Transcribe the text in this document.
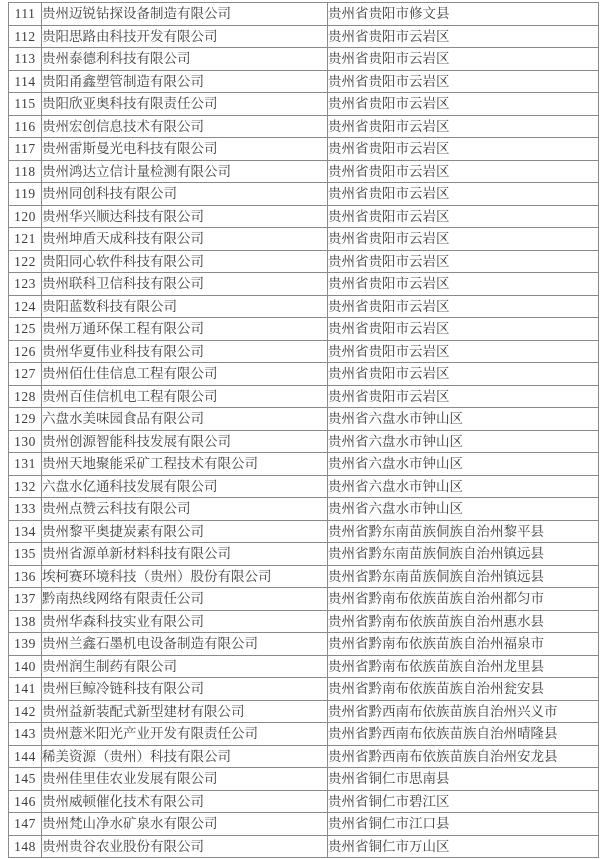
111	贵州迈锐钻探设备制造有限公司	贵州省贵阳市修文县
112	贵阳思路由科技开发有限公司	贵州省贵阳市云岩区
113	贵州泰德利科技有限公司	贵州省贵阳市云岩区
114	贵阳甬鑫塑管制造有限公司	贵州省贵阳市云岩区
115	贵阳欣亚奥科技有限责任公司	贵州省贵阳市云岩区
116	贵州宏创信息技术有限公司	贵州省贵阳市云岩区
117	贵州雷斯曼光电科技有限公司	贵州省贵阳市云岩区
118	贵州鸿达立信计量检测有限公司	贵州省贵阳市云岩区
119	贵州同创科技有限公司	贵州省贵阳市云岩区
120	贵州华兴顺达科技有限公司	贵州省贵阳市云岩区
121	贵州坤盾天成科技有限公司	贵州省贵阳市云岩区
122	贵阳同心软件科技有限公司	贵州省贵阳市云岩区
123	贵州联科卫信科技有限公司	贵州省贵阳市云岩区
124	贵阳蓝数科技有限公司	贵州省贵阳市云岩区
125	贵州万通环保工程有限公司	贵州省贵阳市云岩区
126	贵州华夏伟业科技有限公司	贵州省贵阳市云岩区
127	贵州佰仕佳信息工程有限公司	贵州省贵阳市云岩区
128	贵州百佳信机电工程有限公司	贵州省贵阳市云岩区
129	六盘水美味园食品有限公司	贵州省六盘水市钟山区
130	贵州创源智能科技发展有限公司	贵州省六盘水市钟山区
131	贵州天地聚能采矿工程技术有限公司	贵州省六盘水市钟山区
132	六盘水亿通科技发展有限公司	贵州省六盘水市钟山区
133	贵州点赞云科技有限公司	贵州省六盘水市钟山区
134	贵州黎平奥捷炭素有限公司	贵州省黔东南苗族侗族自治州黎平县
135	贵州省源单新材料科技有限公司	贵州省黔东南苗族侗族自治州镇远县
136	埃柯赛环境科技（贵州）股份有限公司	贵州省黔东南苗族侗族自治州镇远县
137	黔南热线网络有限责任公司	贵州省黔南布依族苗族自治州都匀市
138	贵州华森科技实业有限公司	贵州省黔南布依族苗族自治州惠水县
139	贵州兰鑫石墨机电设备制造有限公司	贵州省黔南布依族苗族自治州福泉市
140	贵州润生制药有限公司	贵州省黔南布依族苗族自治州龙里县
141	贵州巨鲸冷链科技有限公司	贵州省黔南布依族苗族自治州瓮安县
142	贵州益新装配式新型建材有限公司	贵州省黔西南布依族苗族自治州兴义市
143	贵州薏米阳光产业开发有限责任公司	贵州省黔西南布依族苗族自治州晴隆县
144	稀美资源（贵州）科技有限公司	贵州省黔西南布依族苗族自治州安龙县
145	贵州佳里佳农业发展有限公司	贵州省铜仁市思南县
146	贵州威顿催化技术有限公司	贵州省铜仁市碧江区
147	贵州梵山净水矿泉水有限公司	贵州省铜仁市江口县
148	贵州贵谷农业股份有限公司	贵州省铜仁市万山区
